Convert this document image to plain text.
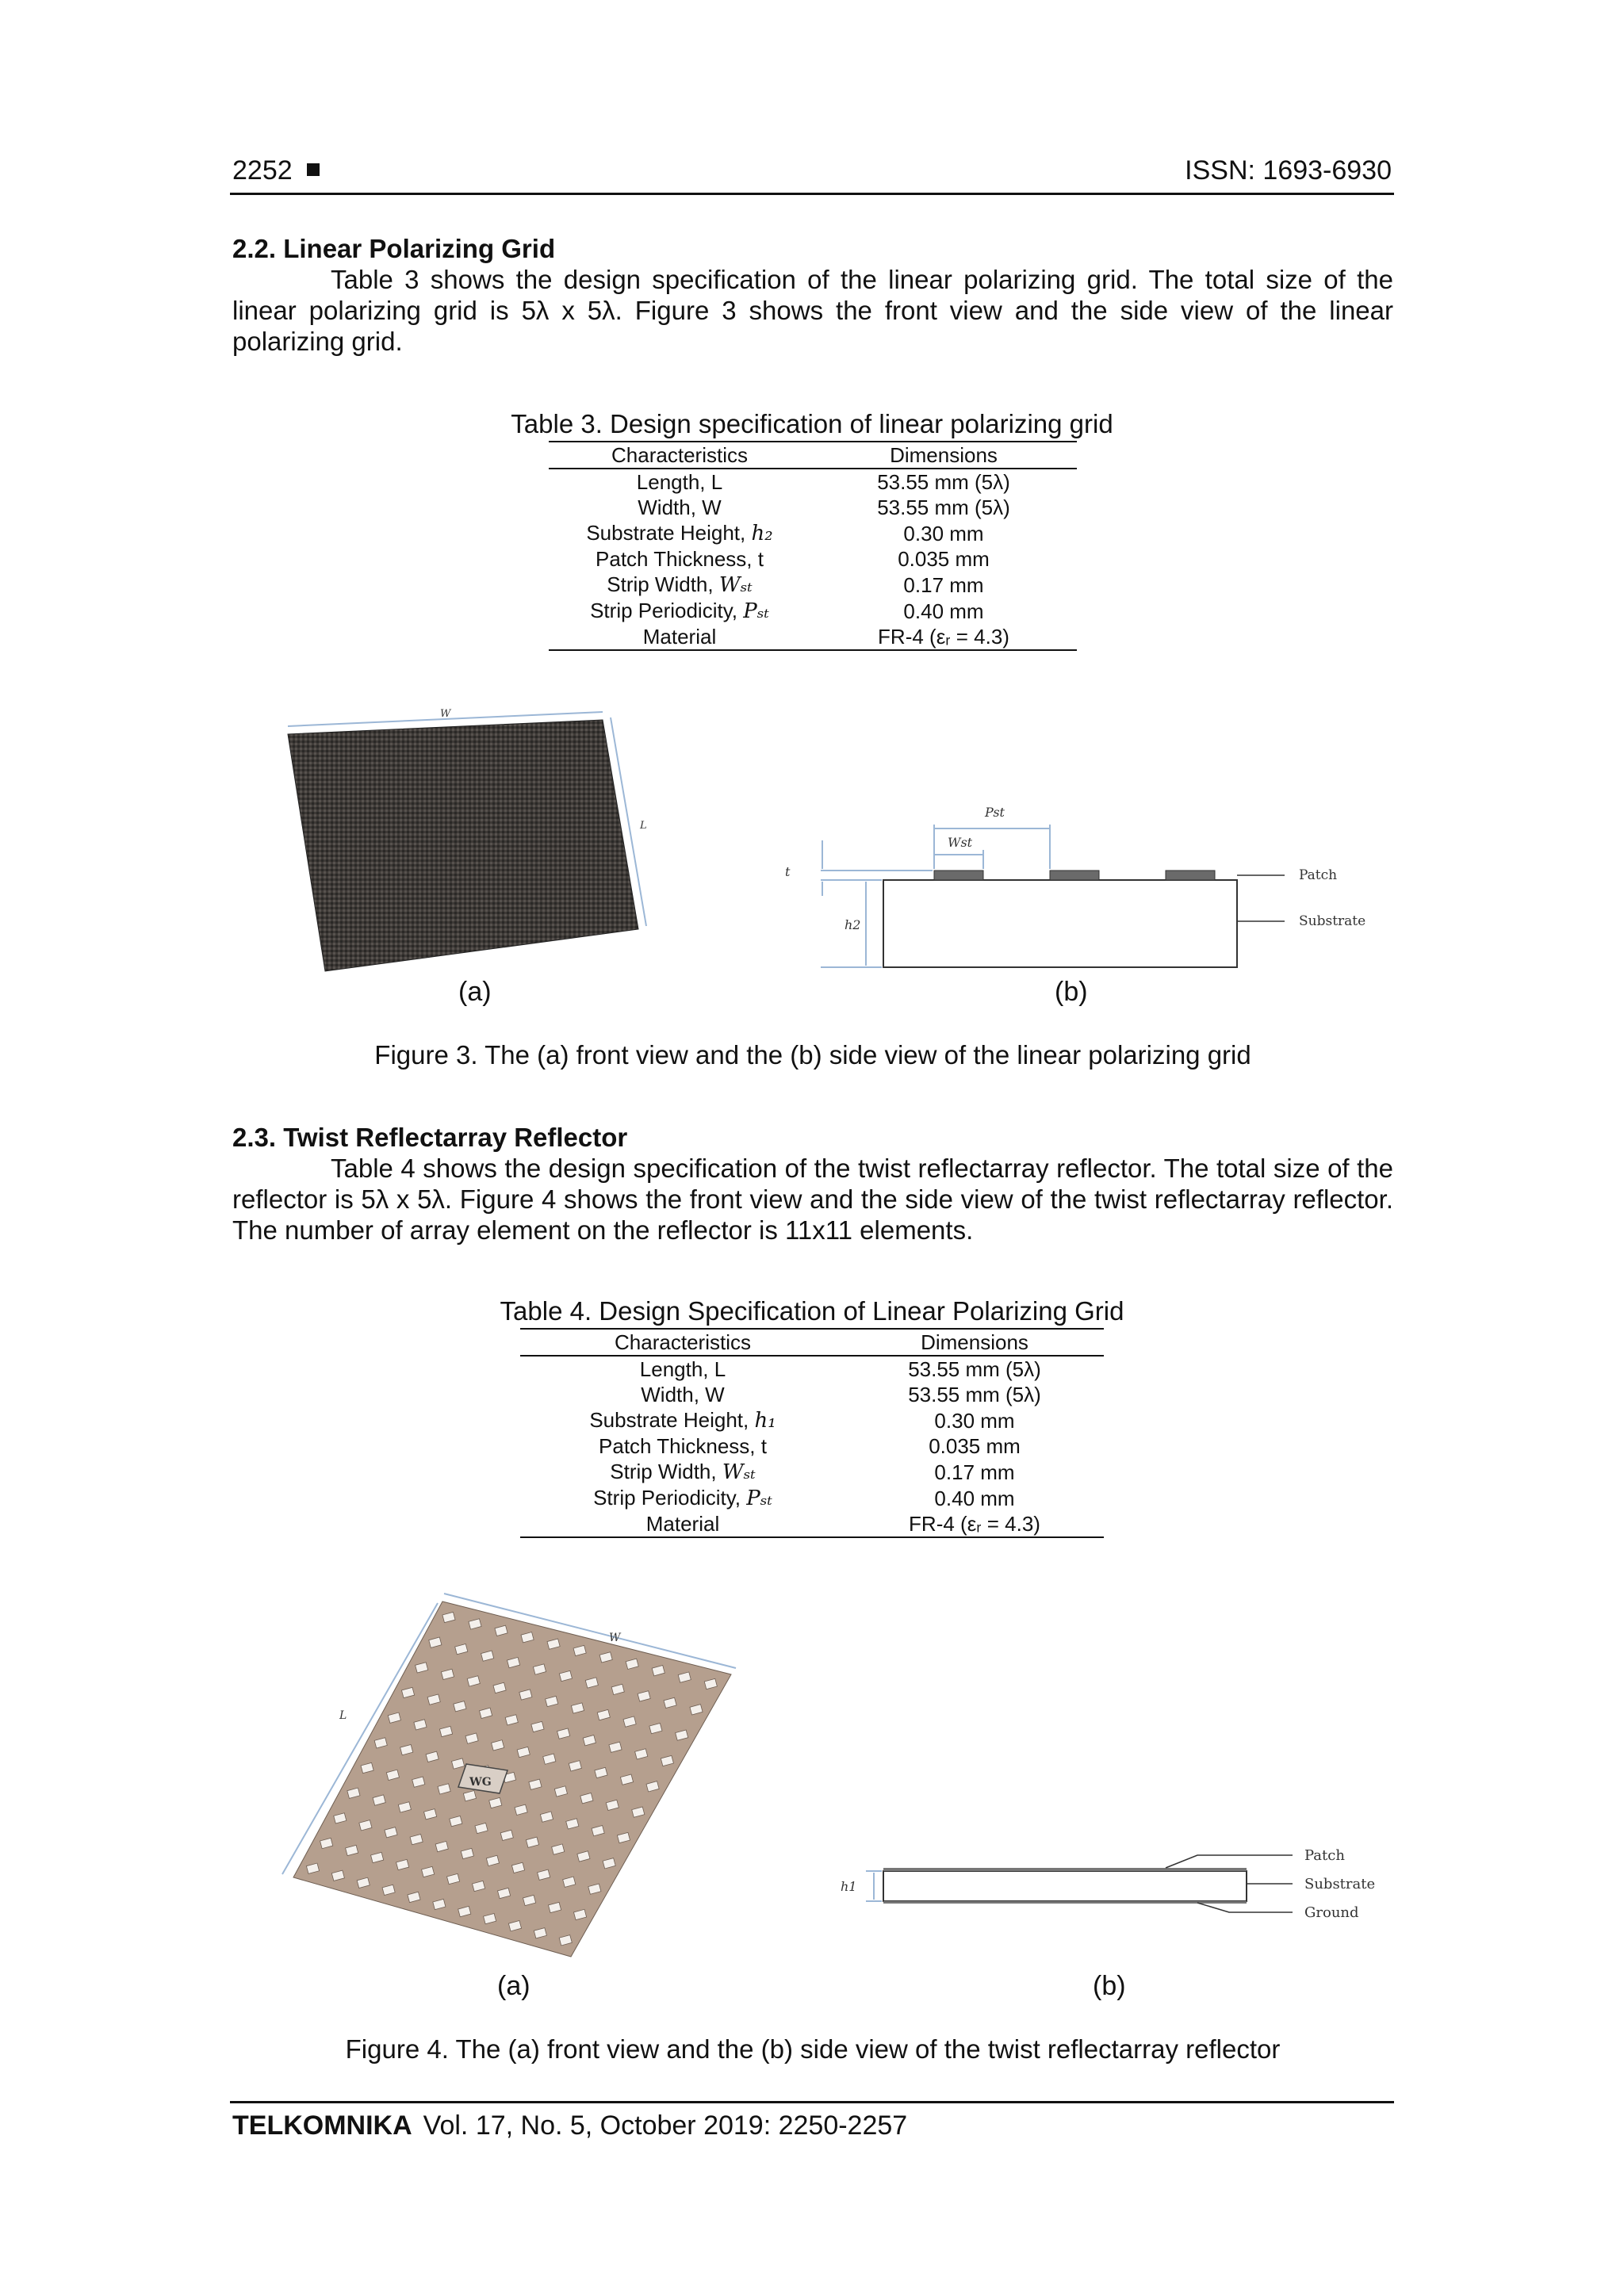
2252	ISSN: 1693-6930
2.2. Linear Polarizing Grid

Table 3 shows the design specification of the linear polarizing grid. The total size of the linear polarizing grid is 5λ x 5λ. Figure 3 shows the front view and the side view of the linear polarizing grid.

Table 3. Design specification of linear polarizing grid
Characteristics	Dimensions
Length, L	53.55 mm (5λ)
Width, W	53.55 mm (5λ)
Substrate Height, h₂	0.30 mm
Patch Thickness, t	0.035 mm
Strip Width, Wₛₜ	0.17 mm
Strip Periodicity, Pₛₜ	0.40 mm
Material	FR-4 (εᵣ = 4.3)
W
L
Pst
Wst
t
h2
Patch
Substrate
(a)	(b)
Figure 3. The (a) front view and the (b) side view of the linear polarizing grid
2.3. Twist Reflectarray Reflector

Table 4 shows the design specification of the twist reflectarray reflector. The total size of the reflector is 5λ x 5λ. Figure 4 shows the front view and the side view of the twist reflectarray reflector. The number of array element on the reflector is 11x11 elements.

Table 4. Design Specification of Linear Polarizing Grid
Characteristics	Dimensions
Length, L	53.55 mm (5λ)
Width, W	53.55 mm (5λ)
Substrate Height, h₁	0.30 mm
Patch Thickness, t	0.035 mm
Strip Width, Wₛₜ	0.17 mm
Strip Periodicity, Pₛₜ	0.40 mm
Material	FR-4 (εᵣ = 4.3)
WG
W
L
h1
Patch
Substrate
Ground
(a)	(b)
Figure 4. The (a) front view and the (b) side view of the twist reflectarray reflector
TELKOMNIKA Vol. 17, No. 5, October 2019: 2250-2257
